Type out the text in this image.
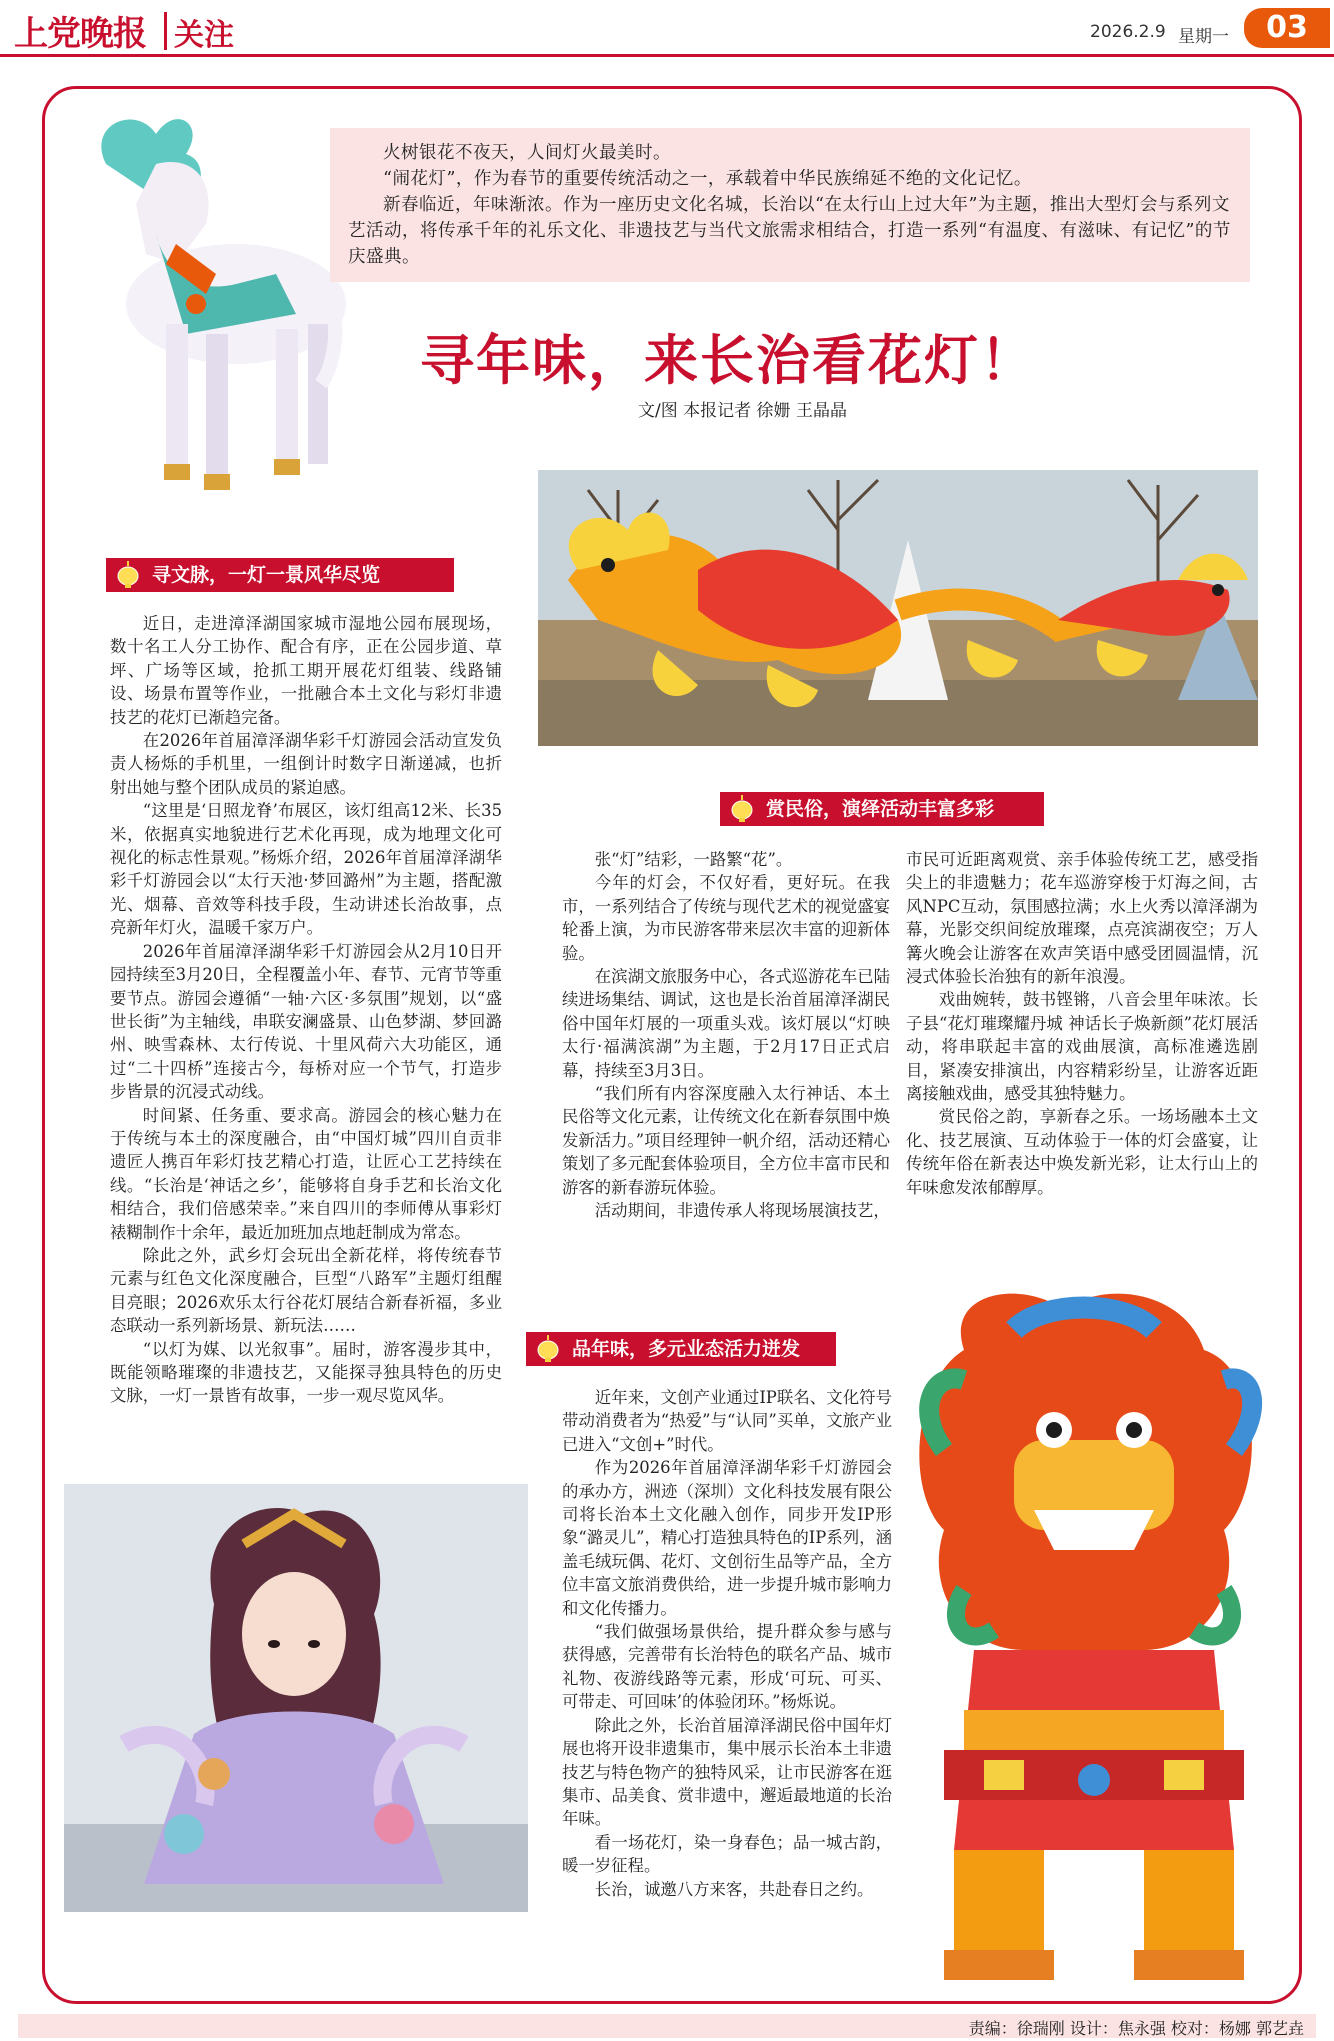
上党晚报 关注	2026.2.9 星期一	03

火树银花不夜天，人间灯火最美时。

“闹花灯”，作为春节的重要传统活动之一，承载着中华民族绵延不绝的文化记忆。

新春临近，年味渐浓。作为一座历史文化名城，长治以“在太行山上过大年”为主题，推出大型灯会与系列文艺活动，将传承千年的礼乐文化、非遗技艺与当代文旅需求相结合，打造一系列“有温度、有滋味、有记忆”的节庆盛典。

寻年味，来长治看花灯！
文/图 本报记者 徐姗 王晶晶
寻文脉，一灯一景风华尽览
赏民俗，演绎活动丰富多彩
品年味，多元业态活力迸发

近日，走进漳泽湖国家城市湿地公园布展现场，数十名工人分工协作、配合有序，正在公园步道、草坪、广场等区域，抢抓工期开展花灯组装、线路铺设、场景布置等作业，一批融合本土文化与彩灯非遗技艺的花灯已渐趋完备。

在2026年首届漳泽湖华彩千灯游园会活动宣发负责人杨烁的手机里，一组倒计时数字日渐递减，也折射出她与整个团队成员的紧迫感。

“这里是‘日照龙脊’布展区，该灯组高12米、长35米，依据真实地貌进行艺术化再现，成为地理文化可视化的标志性景观。”杨烁介绍，2026年首届漳泽湖华彩千灯游园会以“太行天池·梦回潞州”为主题，搭配激光、烟幕、音效等科技手段，生动讲述长治故事，点亮新年灯火，温暖千家万户。

2026年首届漳泽湖华彩千灯游园会从2月10日开园持续至3月20日，全程覆盖小年、春节、元宵节等重要节点。游园会遵循“一轴·六区·多氛围”规划，以“盛世长街”为主轴线，串联安澜盛景、山色梦湖、梦回潞州、映雪森林、太行传说、十里风荷六大功能区，通过“二十四桥”连接古今，每桥对应一个节气，打造步步皆景的沉浸式动线。

时间紧、任务重、要求高。游园会的核心魅力在于传统与本土的深度融合，由“中国灯城”四川自贡非遗匠人携百年彩灯技艺精心打造，让匠心工艺持续在线。“长治是‘神话之乡’，能够将自身手艺和长治文化相结合，我们倍感荣幸。”来自四川的李师傅从事彩灯裱糊制作十余年，最近加班加点地赶制成为常态。

除此之外，武乡灯会玩出全新花样，将传统春节元素与红色文化深度融合，巨型“八路军”主题灯组醒目亮眼；2026欢乐太行谷花灯展结合新春祈福，多业态联动一系列新场景、新玩法……

“以灯为媒、以光叙事”。届时，游客漫步其中，既能领略璀璨的非遗技艺，又能探寻独具特色的历史文脉，一灯一景皆有故事，一步一观尽览风华。

张“灯”结彩，一路繁“花”。

今年的灯会，不仅好看，更好玩。在我市，一系列结合了传统与现代艺术的视觉盛宴轮番上演，为市民游客带来层次丰富的迎新体验。

在滨湖文旅服务中心，各式巡游花车已陆续进场集结、调试，这也是长治首届漳泽湖民俗中国年灯展的一项重头戏。该灯展以“灯映太行·福满滨湖”为主题，于2月17日正式启幕，持续至3月3日。

“我们所有内容深度融入太行神话、本土民俗等文化元素，让传统文化在新春氛围中焕发新活力。”项目经理钟一帆介绍，活动还精心策划了多元配套体验项目，全方位丰富市民和游客的新春游玩体验。

活动期间，非遗传承人将现场展演技艺，

市民可近距离观赏、亲手体验传统工艺，感受指尖上的非遗魅力；花车巡游穿梭于灯海之间，古风NPC互动，氛围感拉满；水上火秀以漳泽湖为幕，光影交织间绽放璀璨，点亮滨湖夜空；万人篝火晚会让游客在欢声笑语中感受团圆温情，沉浸式体验长治独有的新年浪漫。

戏曲婉转，鼓书铿锵，八音会里年味浓。长子县“花灯璀璨耀丹城 神话长子焕新颜”花灯展活动，将串联起丰富的戏曲展演，高标准遴选剧目，紧凑安排演出，内容精彩纷呈，让游客近距离接触戏曲，感受其独特魅力。

赏民俗之韵，享新春之乐。一场场融本土文化、技艺展演、互动体验于一体的灯会盛宴，让传统年俗在新表达中焕发新光彩，让太行山上的年味愈发浓郁醇厚。

近年来，文创产业通过IP联名、文化符号带动消费者为“热爱”与“认同”买单，文旅产业已进入“文创+”时代。

作为2026年首届漳泽湖华彩千灯游园会的承办方，洲迹（深圳）文化科技发展有限公司将长治本土文化融入创作，同步开发IP形象“潞灵儿”，精心打造独具特色的IP系列，涵盖毛绒玩偶、花灯、文创衍生品等产品，全方位丰富文旅消费供给，进一步提升城市影响力和文化传播力。

“我们做强场景供给，提升群众参与感与获得感，完善带有长治特色的联名产品、城市礼物、夜游线路等元素，形成‘可玩、可买、可带走、可回味’的体验闭环。”杨烁说。

除此之外，长治首届漳泽湖民俗中国年灯展也将开设非遗集市，集中展示长治本土非遗技艺与特色物产的独特风采，让市民游客在逛集市、品美食、赏非遗中，邂逅最地道的长治年味。

看一场花灯，染一身春色；品一城古韵，暖一岁征程。

长治，诚邀八方来客，共赴春日之约。

责编：徐瑞刚 设计：焦永强 校对：杨娜 郭艺垚
